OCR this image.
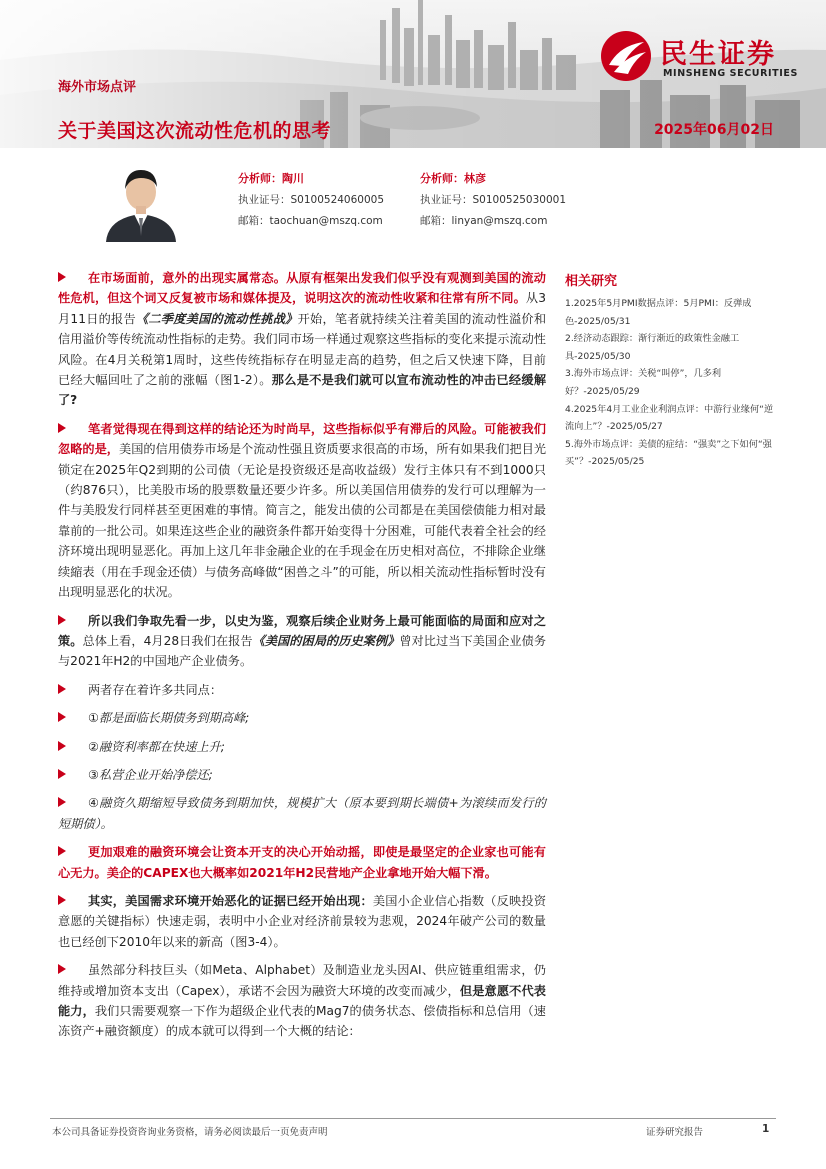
海外市场点评
关于美国这次流动性危机的思考	2025年06月02日
民生证券
MINSHENG SECURITIES
分析师：陶川
执业证号：S0100524060005
邮箱：taochuan@mszq.com
分析师：林彦
执业证号：S0100525030001
邮箱：linyan@mszq.com
在市场面前，意外的出现实属常态。从原有框架出发我们似乎没有观测到美国的流动性危机，但这个词又反复被市场和媒体提及，说明这次的流动性收紧和往常有所不同。从3月11日的报告《二季度美国的流动性挑战》开始，笔者就持续关注着美国的流动性溢价和信用溢价等传统流动性指标的走势。我们同市场一样通过观察这些指标的变化来提示流动性风险。在4月关税第1周时，这些传统指标存在明显走高的趋势，但之后又快速下降，目前已经大幅回吐了之前的涨幅（图1-2）。那么是不是我们就可以宣布流动性的冲击已经缓解了?
笔者觉得现在得到这样的结论还为时尚早，这些指标似乎有滞后的风险。可能被我们忽略的是，美国的信用债券市场是个流动性强且资质要求很高的市场，所有如果我们把目光锁定在2025年Q2到期的公司债（无论是投资级还是高收益级）发行主体只有不到1000只（约876只），比美股市场的股票数量还要少许多。所以美国信用债券的发行可以理解为一件与美股发行同样甚至更困难的事情。简言之，能发出债的公司都是在美国偿债能力相对最靠前的一批公司。如果连这些企业的融资条件都开始变得十分困难，可能代表着全社会的经济环境出现明显恶化。再加上这几年非金融企业的在手现金在历史相对高位，不排除企业继续縮表（用在手现金还债）与债务高峰做“困兽之斗”的可能，所以相关流动性指标暂时没有出现明显恶化的状况。
所以我们争取先看一步，以史为鉴，观察后续企业财务上最可能面临的局面和应对之策。总体上看，4月28日我们在报告《美国的困局的历史案例》曾对比过当下美国企业债务与2021年H2的中国地产企业债务。
两者存在着许多共同点：
①都是面临长期债务到期高峰;
②融资利率都在快速上升;
③私营企业开始净偿还;
④融资久期缩短导致债务到期加快，规模扩大（原本要到期长端债+为滚续而发行的短期债）。
更加艰难的融资环境会让资本开支的决心开始动摇，即使是最坚定的企业家也可能有心无力。美企的CAPEX也大概率如2021年H2民营地产企业拿地开始大幅下滑。
其实，美国需求环境开始恶化的证据已经开始出现：美国小企业信心指数（反映投资意愿的关键指标）快速走弱，表明中小企业对经济前景较为悲观，2024年破产公司的数量也已经创下2010年以来的新高（图3-4）。
虽然部分科技巨头（如Meta、Alphabet）及制造业龙头因AI、供应链重组需求，仍维持或增加资本支出（Capex），承诺不会因为融资大环境的改变而减少，但是意愿不代表能力，我们只需要观察一下作为超级企业代表的Mag7的债务状态、偿债指标和总信用（速冻资产+融资额度）的成本就可以得到一个大概的结论：
相关研究
1.2025年5月PMI数据点评：5月PMI：反弹成色-2025/05/31
2.经济动态跟踪：渐行渐近的政策性金融工具-2025/05/30
3.海外市场点评：关税“叫停”，几多利好？-2025/05/29
4.2025年4月工业企业利润点评：中游行业缘何“逆流向上”？-2025/05/27
5.海外市场点评：美债的症结：“强卖”之下如何“强买”？-2025/05/25
本公司具备证券投资咨询业务资格，请务必阅读最后一页免责声明	证券研究报告	1
